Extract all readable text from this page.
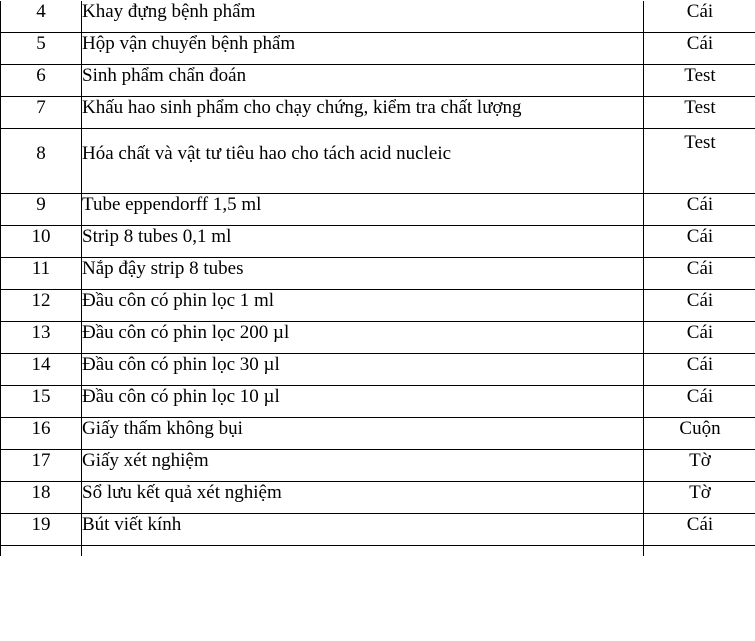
4	Khay đựng bệnh phẩm	Cái
5	Hộp vận chuyển bệnh phẩm	Cái
6	Sinh phẩm chẩn đoán	Test
7	Khấu hao sinh phẩm cho chạy chứng, kiểm tra chất lượng	Test
8	Hóa chất và vật tư tiêu hao cho tách acid nucleic	Test
9	Tube eppendorff 1,5 ml	Cái
10	Strip 8 tubes 0,1 ml	Cái
11	Nắp đậy strip 8 tubes	Cái
12	Đầu côn có phin lọc 1 ml	Cái
13	Đầu côn có phin lọc 200 µl	Cái
14	Đầu côn có phin lọc 30 µl	Cái
15	Đầu côn có phin lọc 10 µl	Cái
16	Giấy thấm không bụi	Cuộn
17	Giấy xét nghiệm	Tờ
18	Sổ lưu kết quả xét nghiệm	Tờ
19	Bút viết kính	Cái
